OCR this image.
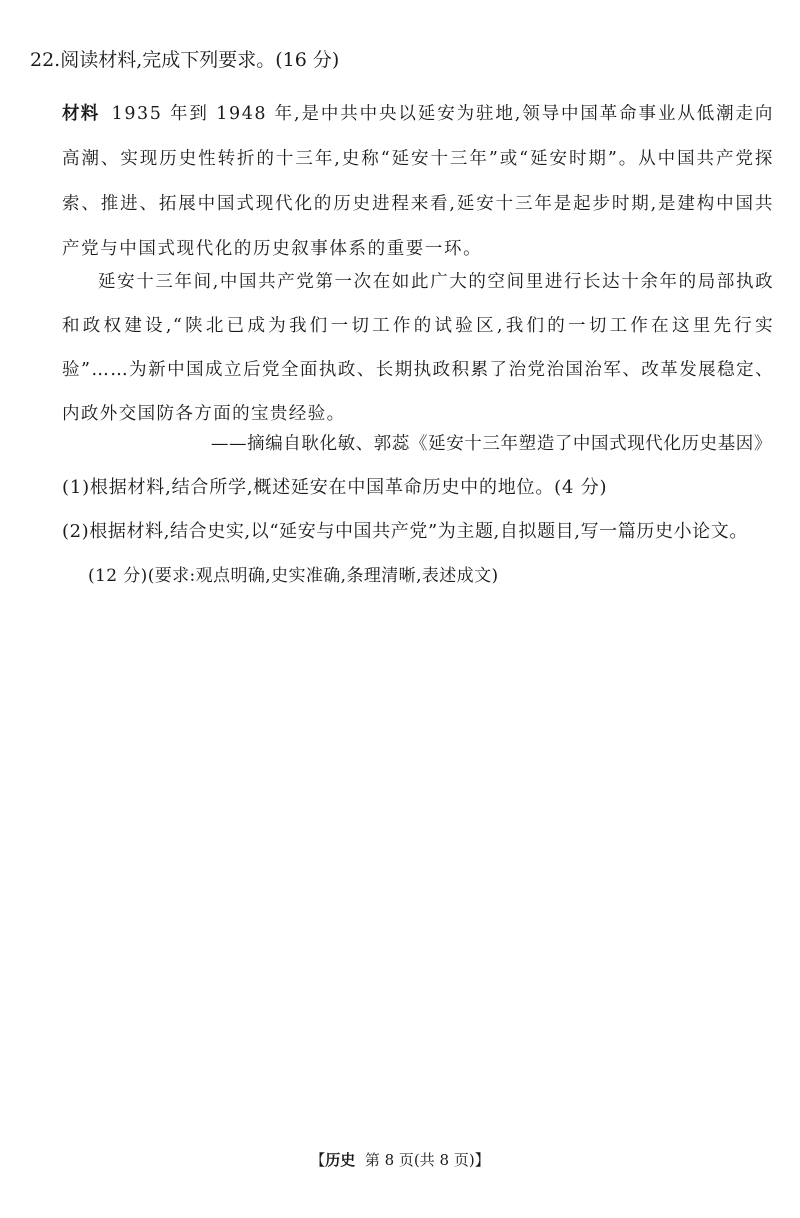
22.阅读材料,完成下列要求。(16 分)
材料 1935 年到 1948 年,是中共中央以延安为驻地,领导中国革命事业从低潮走向高潮、实现历史性转折的十三年,史称“延安十三年”或“延安时期”。从中国共产党探索、推进、拓展中国式现代化的历史进程来看,延安十三年是起步时期,是建构中国共产党与中国式现代化的历史叙事体系的重要一环。
延安十三年间,中国共产党第一次在如此广大的空间里进行长达十余年的局部执政和政权建设,“陕北已成为我们一切工作的试验区,我们的一切工作在这里先行实验”……为新中国成立后党全面执政、长期执政积累了治党治国治军、改革发展稳定、内政外交国防各方面的宝贵经验。
——摘编自耿化敏、郭蕊《延安十三年塑造了中国式现代化历史基因》
(1)根据材料,结合所学,概述延安在中国革命历史中的地位。(4 分)
(2)根据材料,结合史实,以“延安与中国共产党”为主题,自拟题目,写一篇历史小论文。
(12 分)(要求:观点明确,史实准确,条理清晰,表述成文)
【历史 第 8 页(共 8 页)】
